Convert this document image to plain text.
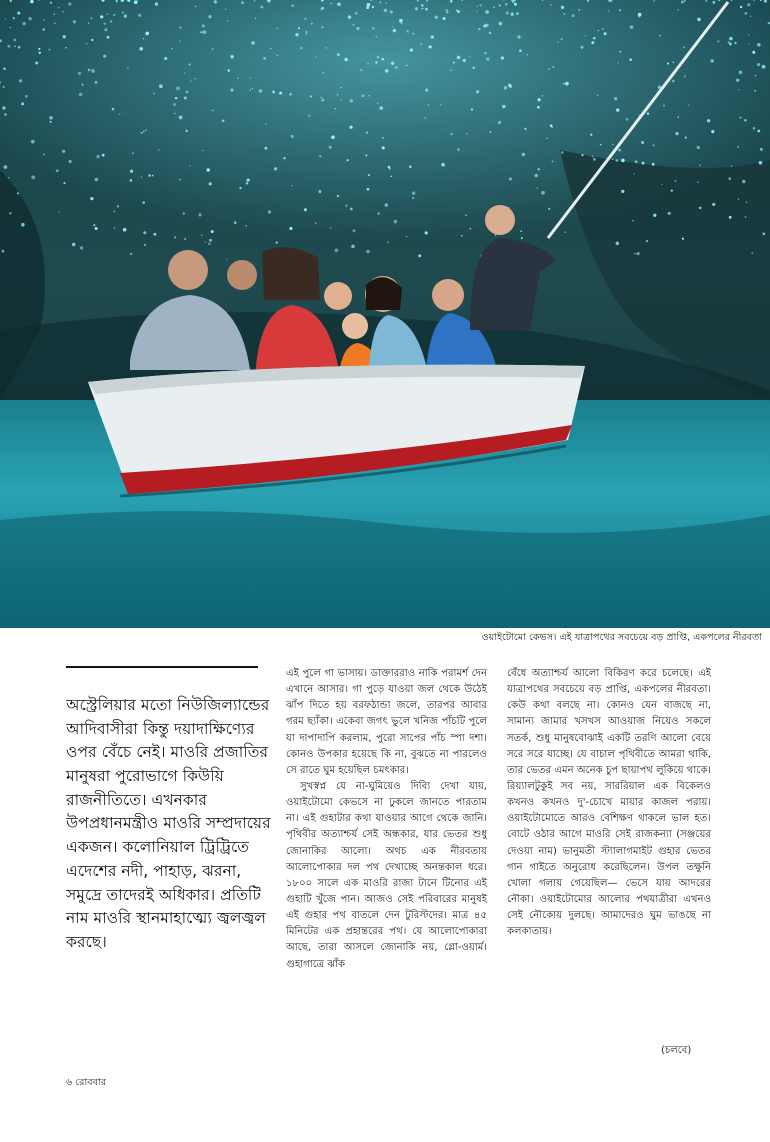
ওয়াইটোমো কেভস। এই যাত্রাপথের সবচেয়ে বড় প্রাপ্তি, একপলের নীরবতা

অস্ট্রেলিয়ার মতো নিউজিল্যান্ডের আদিবাসীরা কিন্তু দয়াদাক্ষিণ্যের ওপর বেঁচে নেই। মাওরি প্রজাতির মানুষরা পুরোভাগে কিউয়ি রাজনীতিতে। এখনকার উপপ্রধানমন্ত্রীও মাওরি সম্প্রদায়ের একজন। কলোনিয়াল ট্রিট্রিতে এদেশের নদী, পাহাড়, ঝরনা, সমুদ্রে তাদেরই অধিকার। প্রতিটি নাম মাওরি স্থানমাহাত্ম্যে জ্বলজ্বল করছে।

এই পুলে গা ভাসায়। ডাক্তাররাও নাকি পরামর্শ দেন এখানে আসার। গা পুড়ে যাওয়া জল থেকে উঠেই ঝাঁপ দিতে হয় বরফঠান্ডা জলে, তারপর আবার গরম ছ্যাঁকা। একেবা জগৎ ভুলে খনিজ পাঁচটি পুলে যা দাপাদাপি করলাম, পুরো সাপের পাঁচ স্পা দশা। কোনও উপকার হয়েছে কি না, বুঝতে না পারলেও সে রাতে ঘুম হয়েছিল চমৎকার।

সুখস্বপ্ন যে না-ঘুমিয়েও দিব্যি দেখা যায়, ওয়াইটোমো কেভসে না ঢুকলে জানতে পারতাম না। এই গুহাটার কথা যাওয়ার আগে থেকে জানি। পৃথিবীর অত্যাশ্চর্য সেই অন্ধকার, যার ভেতর শুধু জোনাকির আলো। অথচ এক নীরবতায় আলোপোকার দল পথ দেখাচ্ছে অনন্তকাল ধরে। ১৮০০ সালে এক মাওরি রাজা টানে টিনোর এই গুহাটি খুঁজে পান। আজও সেই পরিবারের মানুষই এই গুহার পথ বাতলে দেন টুরিস্টদের। মাত্র ৪৫ মিনিটের এক প্রহান্তরের পথ। যে আলোপোকারা আছে, তারা আসলে জোনাকি নয়, গ্লো-ওয়ার্ম। গুহাগাত্রে ঝাঁক

বেঁধে অত্যাশ্চর্য আলো বিকিরণ করে চলেছে। এই যাত্রাপথের সবচেয়ে বড় প্রাপ্তি, একপলের নীরবতা। কেউ কথা বলছে না। কোনও যেন বাজছে না, সামান্য জামার খসখস আওয়াজ নিয়েও সকলে সতর্ক, শুধু মানুষবোঝাই একটি তরণি আলো বেয়ে সরে সরে যাচ্ছে। যে বাচাল পৃথিবীতে আমরা থাকি, তার ভেতর এমন অনেক চুপ ছায়াপথ লুকিয়ে থাকে। রিয়্যালটুকুই সব নয়, সাররিয়াল এক বিকেলও কখনও কখনও দু'-চোখে মায়ার কাজল পরায়। ওয়াইটোমোতে আরও বেশিক্ষণ থাকলে ভাল হত। বোটে ওঠার আগে মাওরি সেই রাজকন্যা (সঞ্জয়ের দেওয়া নাম) ভানুমতী স্ট্যালাগমাইট গুহার ভেতর গান গাইতে অনুরোধ করেছিলেন। উপল তক্ষুনি খোলা গলায় গেয়েছিল— ভেসে যায় আদরের নৌকা। ওয়াইটোমোর আলোর পথযাত্রীরা এখনও সেই নৌকোয় দুলছে। আমাদেরও ঘুম ভাঙছে না কলকাতায়।

(চলবে)
৬ রোববার
